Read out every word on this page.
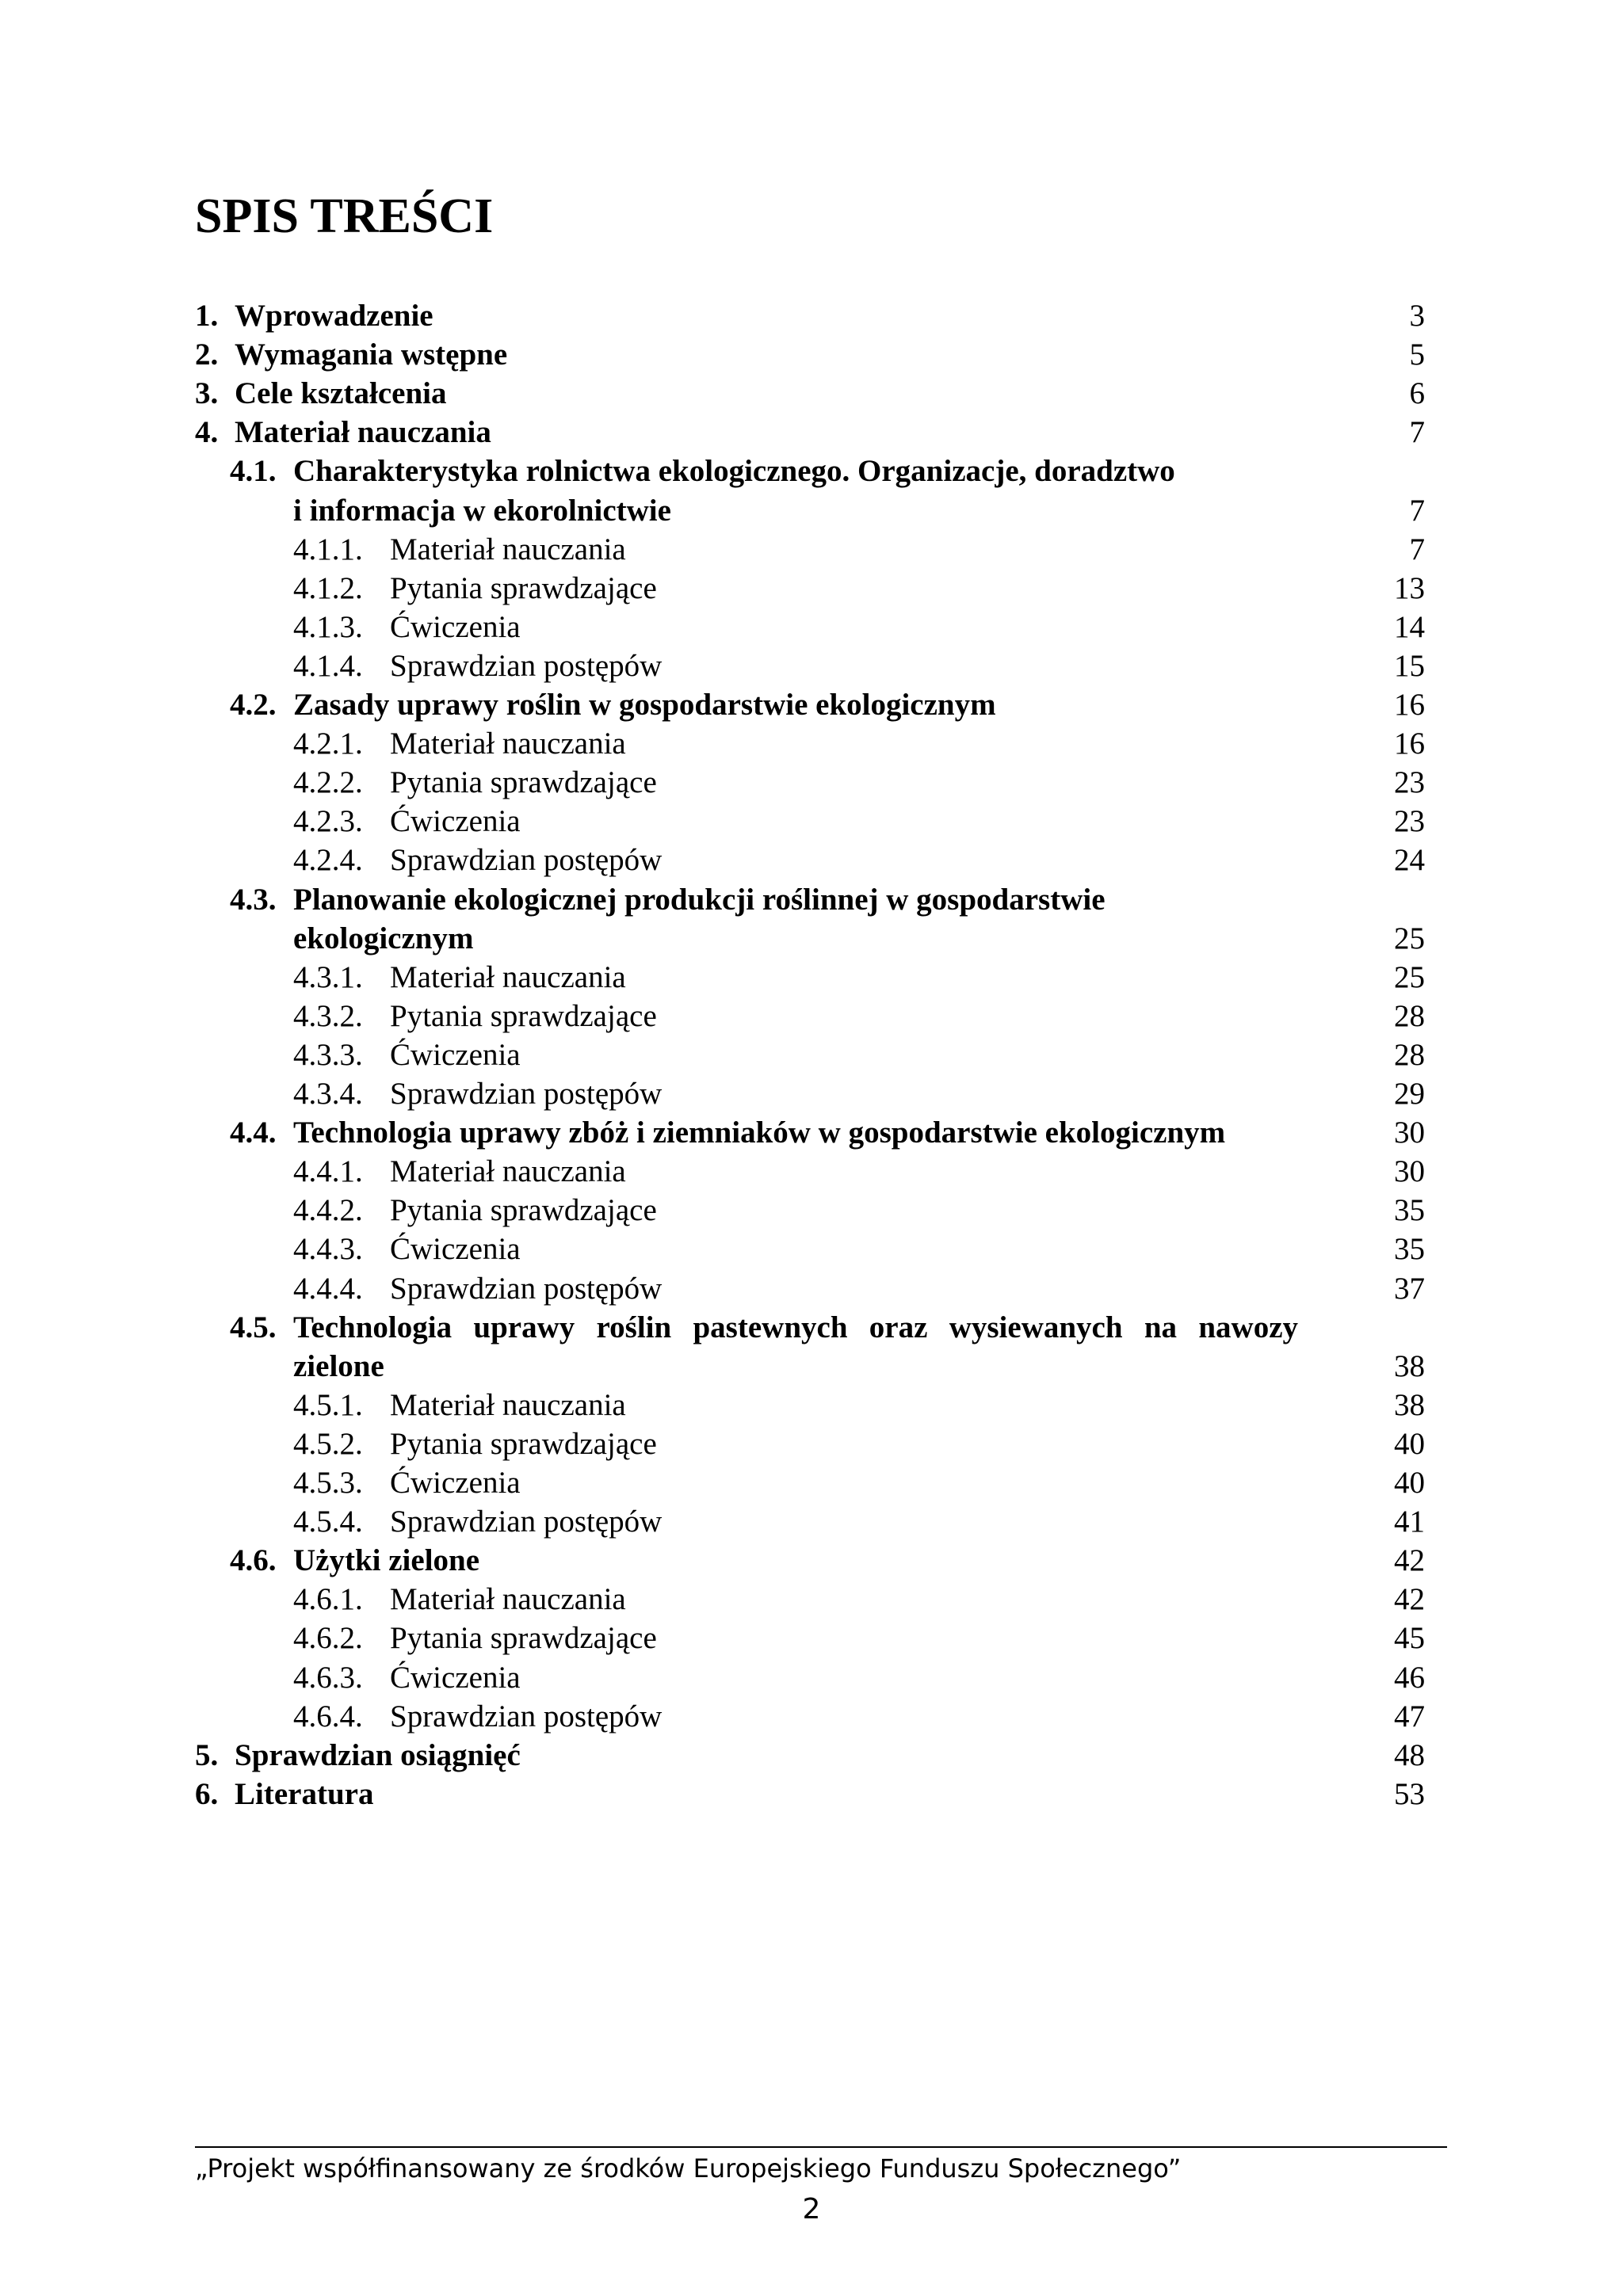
SPIS TREŚCI
1. Wprowadzenie	3
2. Wymagania wstępne	5
3. Cele kształcenia	6
4. Materiał nauczania	7
4.1. Charakterystyka rolnictwa ekologicznego. Organizacje, doradztwo
i informacja w ekorolnictwie	7
4.1.1. Materiał nauczania	7
4.1.2. Pytania sprawdzające	13
4.1.3. Ćwiczenia	14
4.1.4. Sprawdzian postępów	15
4.2. Zasady uprawy roślin w gospodarstwie ekologicznym	16
4.2.1. Materiał nauczania	16
4.2.2. Pytania sprawdzające	23
4.2.3. Ćwiczenia	23
4.2.4. Sprawdzian postępów	24
4.3. Planowanie ekologicznej produkcji roślinnej w gospodarstwie
ekologicznym	25
4.3.1. Materiał nauczania	25
4.3.2. Pytania sprawdzające	28
4.3.3. Ćwiczenia	28
4.3.4. Sprawdzian postępów	29
4.4. Technologia uprawy zbóż i ziemniaków w gospodarstwie ekologicznym	30
4.4.1. Materiał nauczania	30
4.4.2. Pytania sprawdzające	35
4.4.3. Ćwiczenia	35
4.4.4. Sprawdzian postępów	37
4.5. Technologia uprawy roślin pastewnych oraz wysiewanych na nawozy
zielone	38
4.5.1. Materiał nauczania	38
4.5.2. Pytania sprawdzające	40
4.5.3. Ćwiczenia	40
4.5.4. Sprawdzian postępów	41
4.6. Użytki zielone	42
4.6.1. Materiał nauczania	42
4.6.2. Pytania sprawdzające	45
4.6.3. Ćwiczenia	46
4.6.4. Sprawdzian postępów	47
5. Sprawdzian osiągnięć	48
6. Literatura	53
„Projekt współfinansowany ze środków Europejskiego Funduszu Społecznego”
2
